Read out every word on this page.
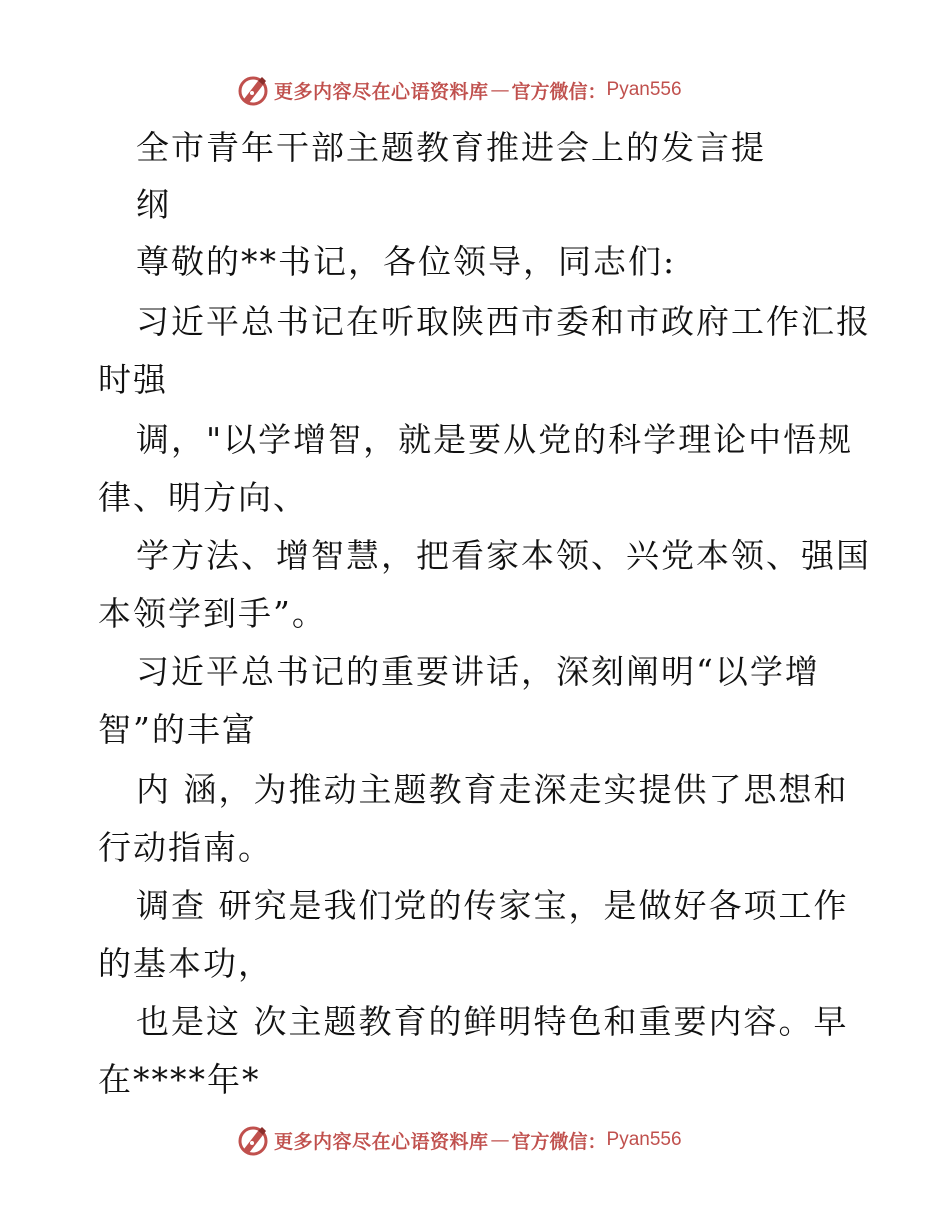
更多内容尽在心语资料库 — 官方微信： Pyan556
全市青年干部主题教育推进会上的发言提
纲
尊敬的**书记，各位领导，同志们:
习近平总书记在听取陕西市委和市政府工作汇报
时强
调，"以学增智，就是要从党的科学理论中悟规
律、明方向、
学方法、增智慧，把看家本领、兴党本领、强国
本领学到手”。
习近平总书记的重要讲话，深刻阐明“以学增
智”的丰富
内 涵，为推动主题教育走深走实提供了思想和
行动指南。
调查 研究是我们党的传家宝，是做好各项工作
的基本功，
也是这 次主题教育的鲜明特色和重要内容。早
在****年*
更多内容尽在心语资料库 — 官方微信： Pyan556
